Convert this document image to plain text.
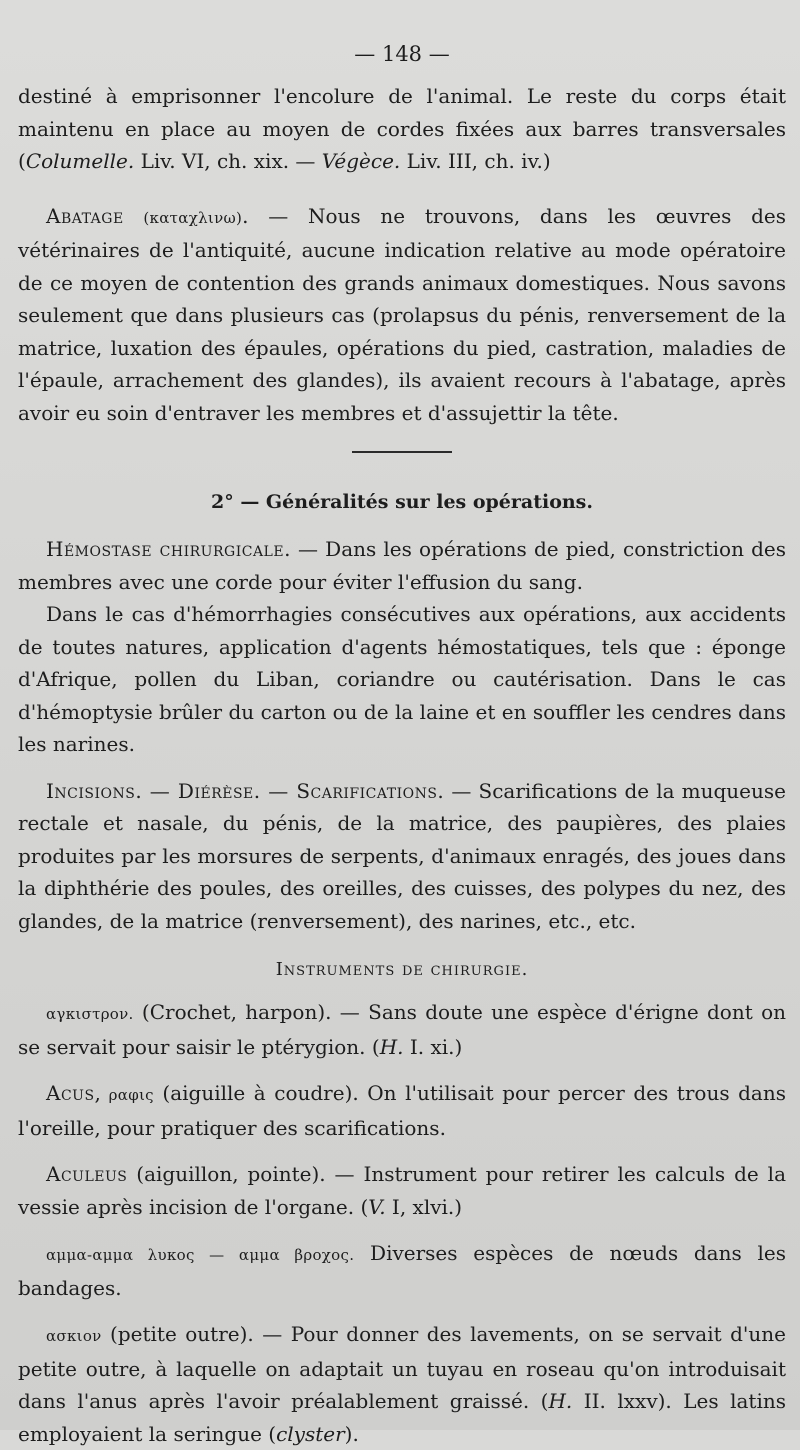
— 148 —

destiné à emprisonner l'encolure de l'animal. Le reste du corps était maintenu en place au moyen de cordes fixées aux barres transversales (Columelle. Liv. VI, ch. xix. — Végèce. Liv. III, ch. iv.)

Abatage (καταχλινω). — Nous ne trouvons, dans les œuvres des vétérinaires de l'antiquité, aucune indication relative au mode opératoire de ce moyen de contention des grands animaux domestiques. Nous savons seulement que dans plusieurs cas (prolapsus du pénis, renversement de la matrice, luxation des épaules, opérations du pied, castration, maladies de l'épaule, arrachement des glandes), ils avaient recours à l'abatage, après avoir eu soin d'entraver les membres et d'assujettir la tête.

2° — Généralités sur les opérations.

Hémostase chirurgicale. — Dans les opérations de pied, constriction des membres avec une corde pour éviter l'effusion du sang.

Dans le cas d'hémorrhagies consécutives aux opérations, aux accidents de toutes natures, application d'agents hémostatiques, tels que : éponge d'Afrique, pollen du Liban, coriandre ou cautérisation. Dans le cas d'hémoptysie brûler du carton ou de la laine et en souffler les cendres dans les narines.

Incisions. — Diérèse. — Scarifications. — Scarifications de la muqueuse rectale et nasale, du pénis, de la matrice, des paupières, des plaies produites par les morsures de serpents, d'animaux enragés, des joues dans la diphthérie des poules, des oreilles, des cuisses, des polypes du nez, des glandes, de la matrice (renversement), des narines, etc., etc.

Instruments de chirurgie.

αγκιστρον. (Crochet, harpon). — Sans doute une espèce d'érigne dont on se servait pour saisir le ptérygion. (H. I. xi.)

Acus, ραφις (aiguille à coudre). On l'utilisait pour percer des trous dans l'oreille, pour pratiquer des scarifications.

Aculeus (aiguillon, pointe). — Instrument pour retirer les calculs de la vessie après incision de l'organe. (V. I, xlvi.)

αμμα-αμμα λυκος — αμμα βροχος. Diverses espèces de nœuds dans les bandages.

ασκιον (petite outre). — Pour donner des lavements, on se servait d'une petite outre, à laquelle on adaptait un tuyau en roseau qu'on introduisait dans l'anus après l'avoir préalablement graissé. (H. II. lxxv). Les latins employaient la seringue (clyster).
